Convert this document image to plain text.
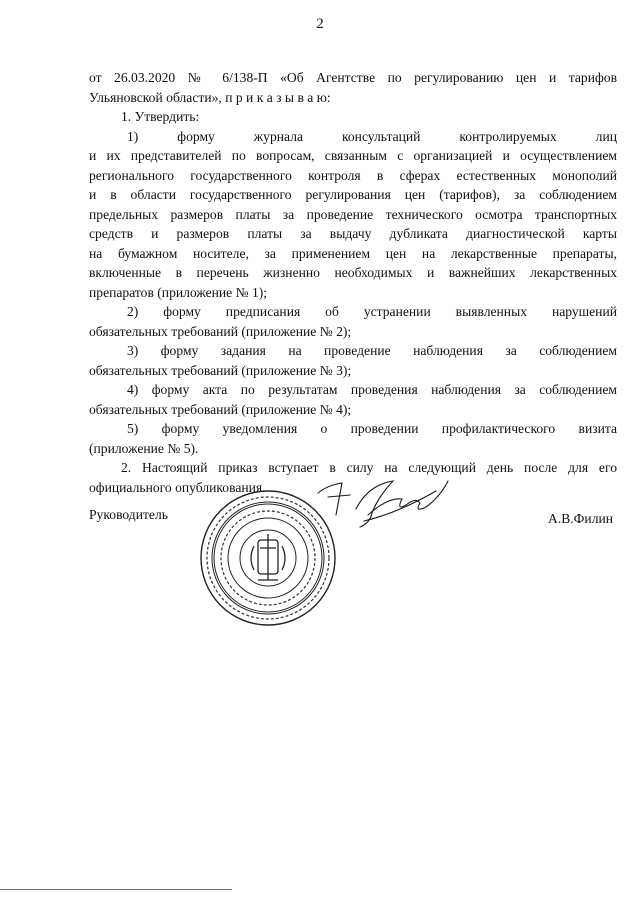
2
от 26.03.2020 № 6/138-П «Об Агентстве по регулированию цен и тарифов
Ульяновской области», п р и к а з ы в а ю:
1. Утвердить:
1) форму журнала консультаций контролируемых лиц
и их представителей по вопросам, связанным с организацией и осуществлением
регионального государственного контроля в сферах естественных монополий
и в области государственного регулирования цен (тарифов), за соблюдением
предельных размеров платы за проведение технического осмотра транспортных
средств и размеров платы за выдачу дубликата диагностической карты
на бумажном носителе, за применением цен на лекарственные препараты,
включенные в перечень жизненно необходимых и важнейших лекарственных
препаратов (приложение № 1);
2) форму предписания об устранении выявленных нарушений
обязательных требований (приложение № 2);
3) форму задания на проведение наблюдения за соблюдением
обязательных требований (приложение № 3);
4) форму акта по результатам проведения наблюдения за соблюдением
обязательных требований (приложение № 4);
5) форму уведомления о проведении профилактического визита
(приложение № 5).
2. Настоящий приказ вступает в силу на следующий день после для его
официального опубликования.
Руководитель	А.В.Филин
